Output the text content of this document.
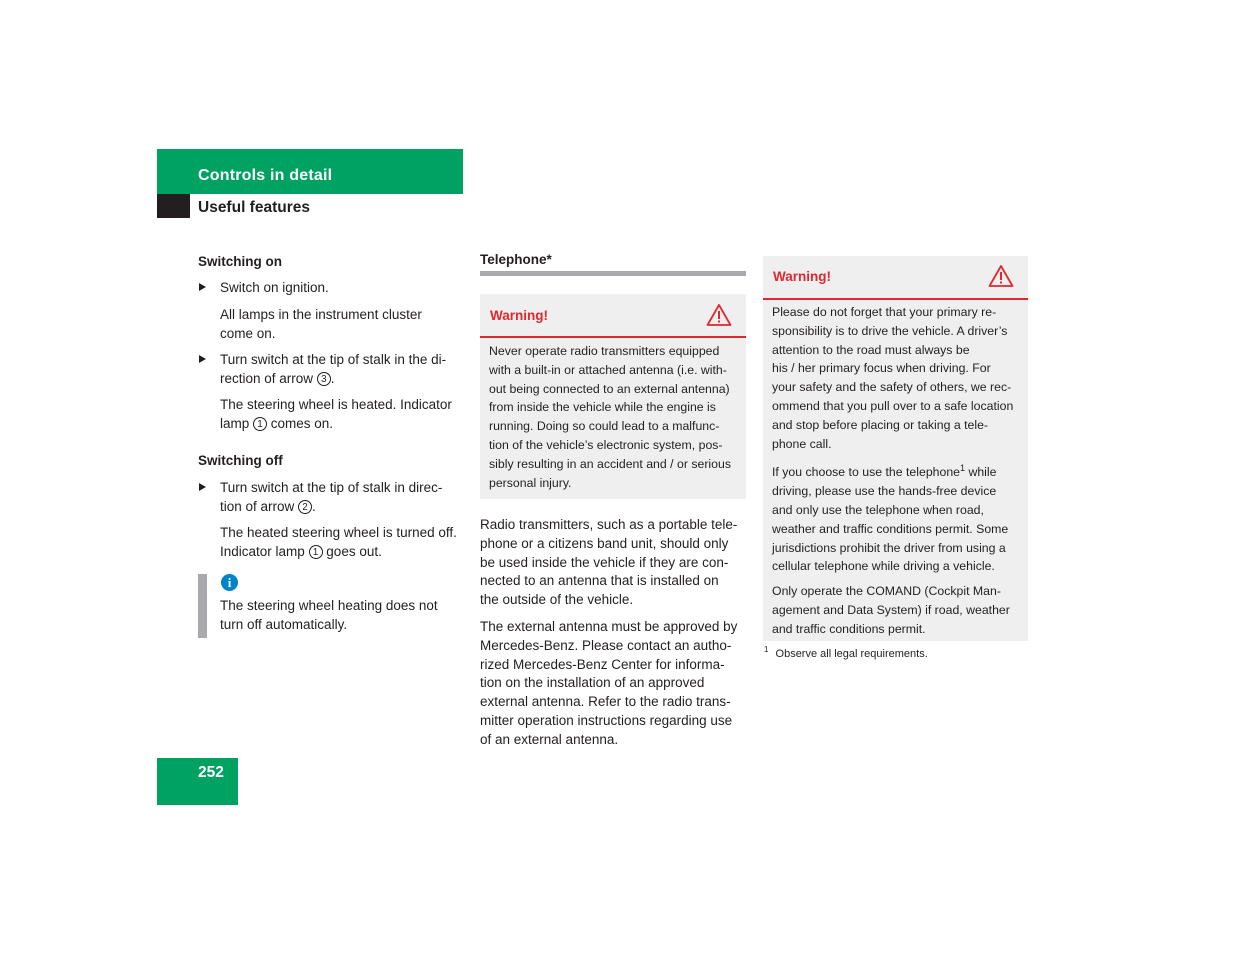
Controls in detail
Useful features

Switching on

Switch on ignition.

All lamps in the instrument cluster

come on.

Turn switch at the tip of stalk in the di-

rection of arrow 3 .

The steering wheel is heated. Indicator

lamp 1 comes on.

Switching off

Turn switch at the tip of stalk in direc-

tion of arrow 2 .

The heated steering wheel is turned off.

Indicator lamp 1 goes out.

i

The steering wheel heating does not

turn off automatically.

Telephone*
Warning!

Never operate radio transmitters equipped

with a built-in or attached antenna (i.e. with-

out being connected to an external antenna)

from inside the vehicle while the engine is

running. Doing so could lead to a malfunc-

tion of the vehicle’s electronic system, pos-

sibly resulting in an accident and / or serious

personal injury.

Radio transmitters, such as a portable tele-

phone or a citizens band unit, should only

be used inside the vehicle if they are con-

nected to an antenna that is installed on

the outside of the vehicle.

The external antenna must be approved by

Mercedes-Benz. Please contact an autho-

rized Mercedes-Benz Center for informa-

tion on the installation of an approved

external antenna. Refer to the radio trans-

mitter operation instructions regarding use

of an external antenna.

Warning!

Please do not forget that your primary re-

sponsibility is to drive the vehicle. A driver’s

attention to the road must always be

his / her primary focus when driving. For

your safety and the safety of others, we rec-

ommend that you pull over to a safe location

and stop before placing or taking a tele-

phone call.

If you choose to use the telephone$^1$ while

driving, please use the hands-free device

and only use the telephone when road,

weather and traffic conditions permit. Some

jurisdictions prohibit the driver from using a

cellular telephone while driving a vehicle.

Only operate the COMAND (Cockpit Man-

agement and Data System) if road, weather

and traffic conditions permit.

$^1$ Observe all legal requirements.
252
